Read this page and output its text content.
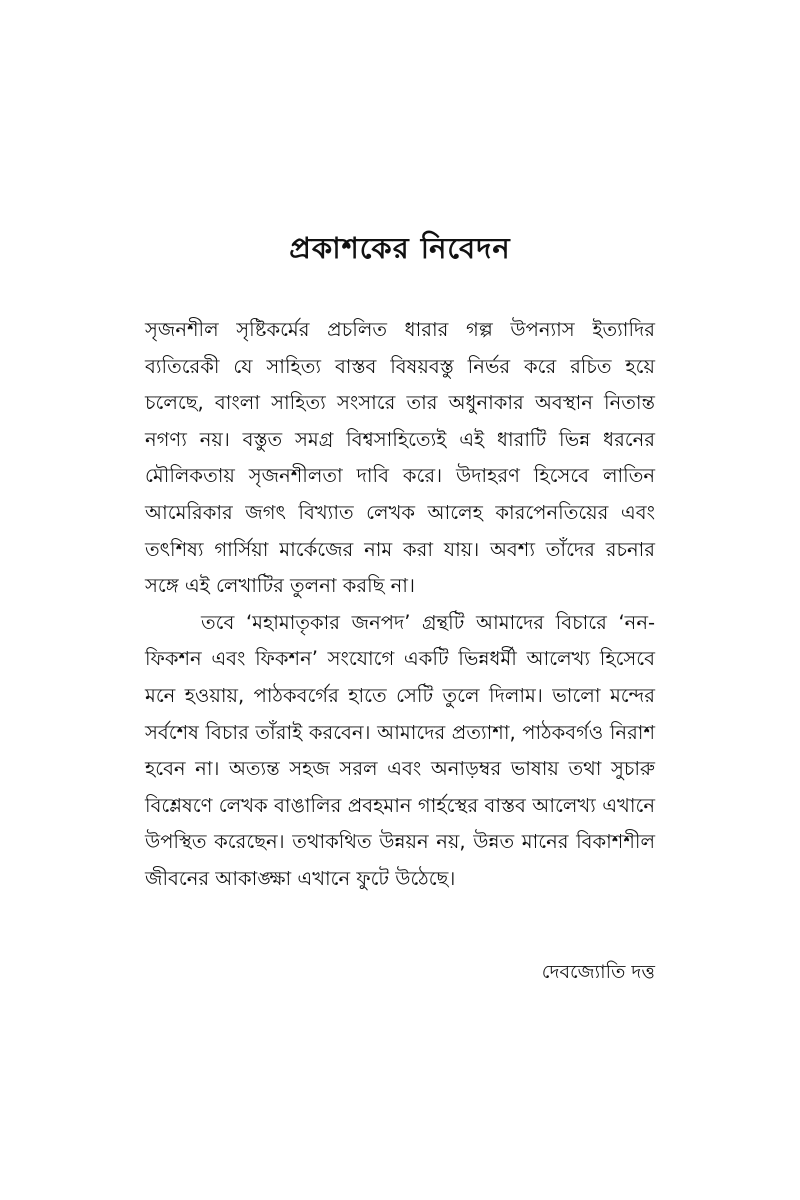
প্রকাশকের নিবেদন

সৃজনশীল সৃষ্টিকর্মের প্রচলিত ধারার গল্প উপন্যাস ইত্যাদির ব্যতিরেকী যে সাহিত্য বাস্তব বিষয়বস্তু নির্ভর করে রচিত হয়ে চলেছে, বাংলা সাহিত্য সংসারে তার অধুনাকার অবস্থান নিতান্ত নগণ্য নয়। বস্তুত সমগ্র বিশ্বসাহিত্যেই এই ধারাটি ভিন্ন ধরনের মৌলিকতায় সৃজনশীলতা দাবি করে। উদাহরণ হিসেবে লাতিন আমেরিকার জগৎ বিখ্যাত লেখক আলেহ কারপেনতিয়ের এবং তৎশিষ্য গার্সিয়া মার্কেজের নাম করা যায়। অবশ্য তাঁদের রচনার সঙ্গে এই লেখাটির তুলনা করছি না।

তবে ‘মহামাতৃকার জনপদ’ গ্রন্থটি আমাদের বিচারে ‘নন-ফিকশন এবং ফিকশন’ সংযোগে একটি ভিন্নধর্মী আলেখ্য হিসেবে মনে হওয়ায়, পাঠকবর্গের হাতে সেটি তুলে দিলাম। ভালো মন্দের সর্বশেষ বিচার তাঁরাই করবেন। আমাদের প্রত্যাশা, পাঠকবর্গও নিরাশ হবেন না। অত্যন্ত সহজ সরল এবং অনাড়ম্বর ভাষায় তথা সুচারু বিশ্লেষণে লেখক বাঙালির প্রবহমান গার্হস্থের বাস্তব আলেখ্য এখানে উপস্থিত করেছেন। তথাকথিত উন্নয়ন নয়, উন্নত মানের বিকাশশীল জীবনের আকাঙ্ক্ষা এখানে ফুটে উঠেছে।

দেবজ্যোতি দত্ত
